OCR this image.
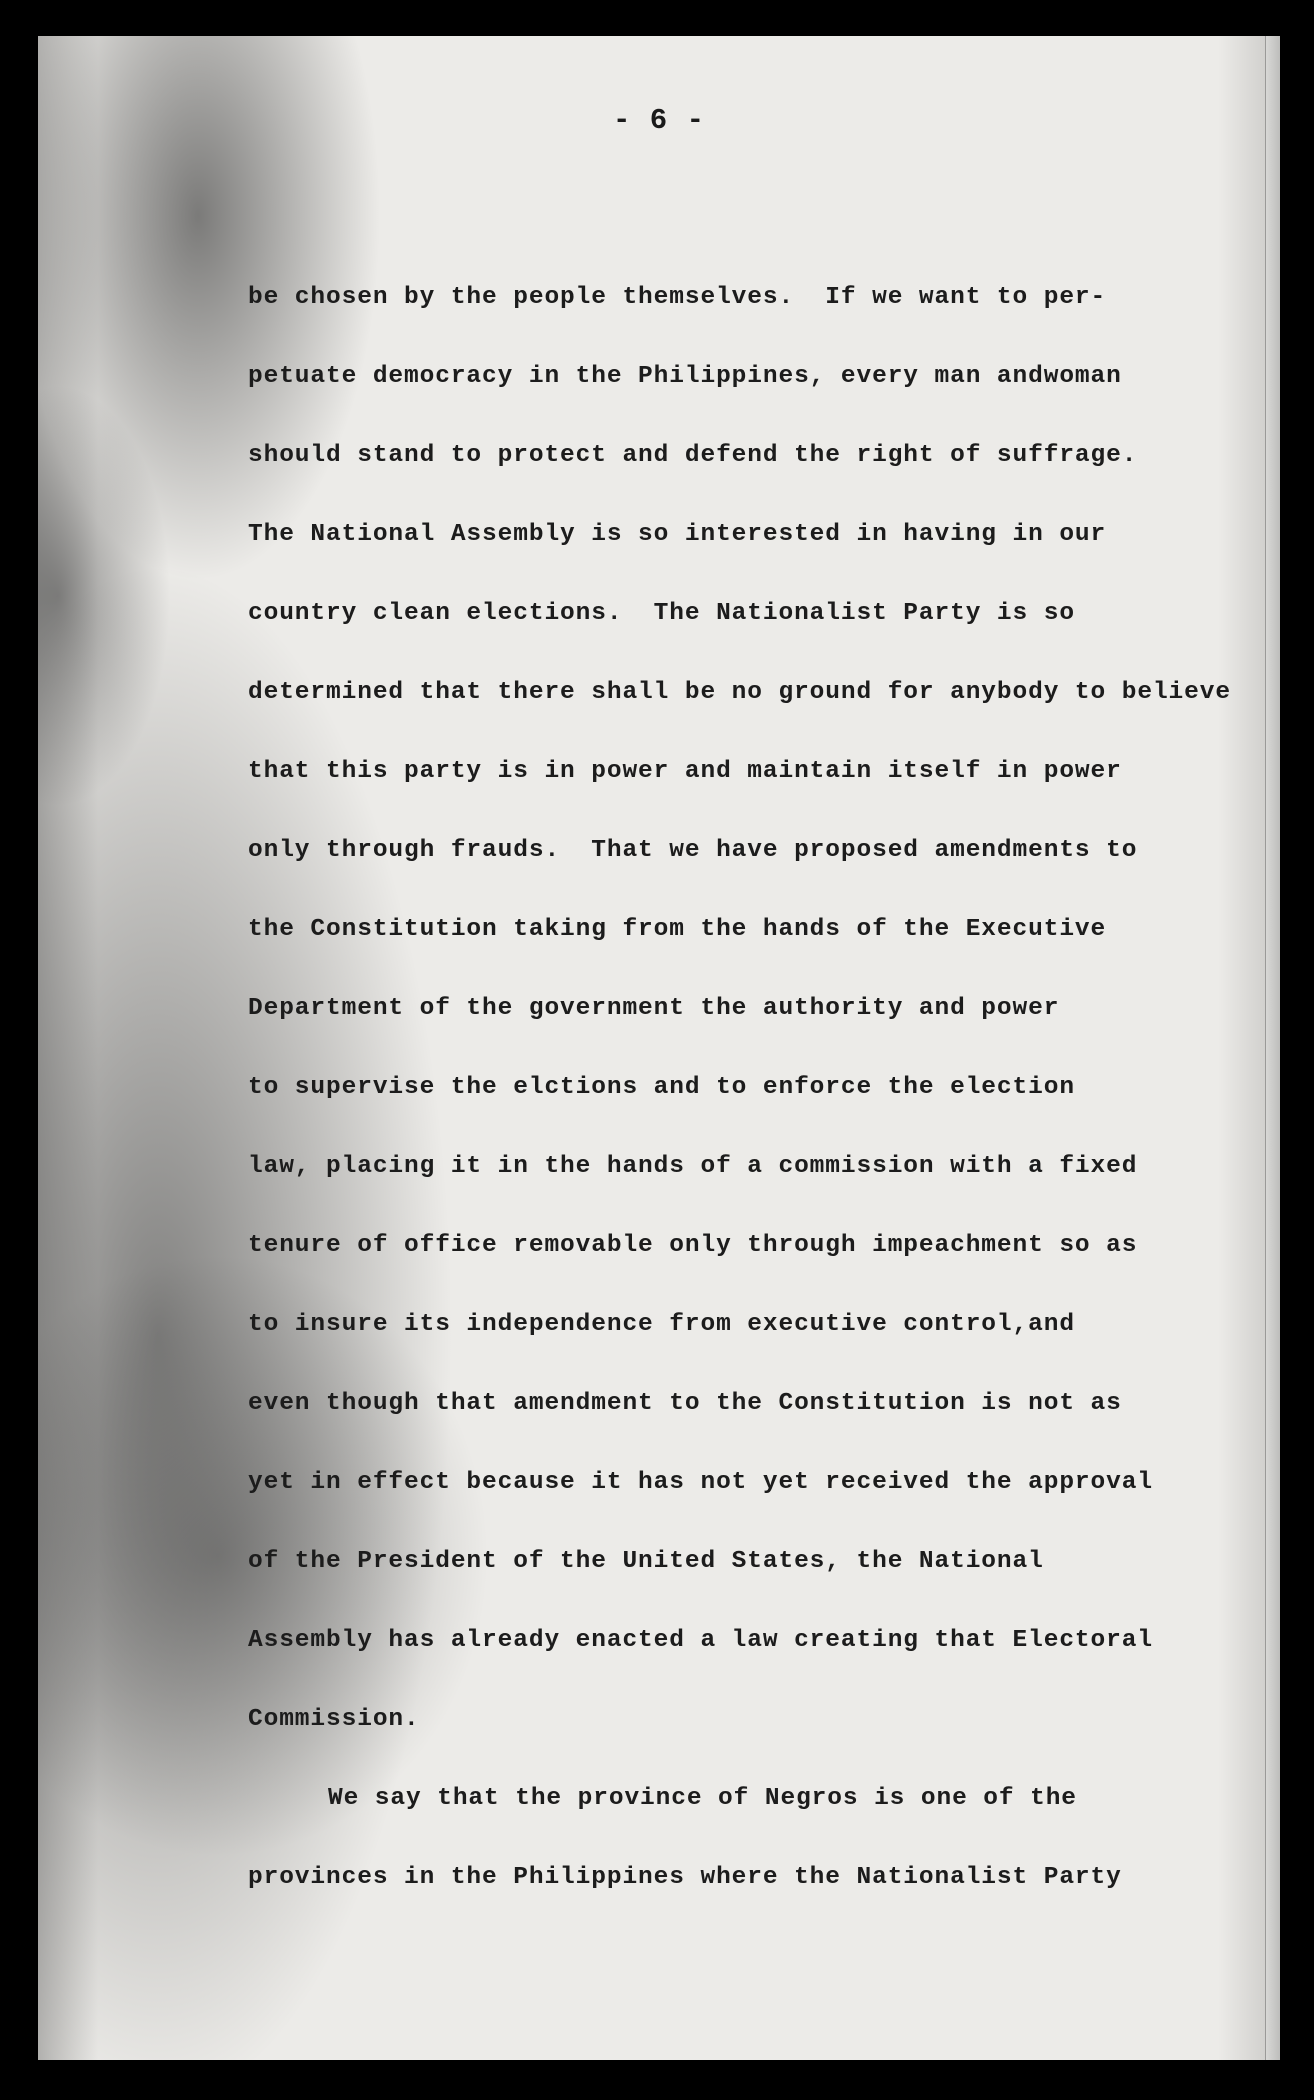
- 6 -
be chosen by the people themselves.  If we want to per-
petuate democracy in the Philippines, every man andwoman
should stand to protect and defend the right of suffrage.
The National Assembly is so interested in having in our
country clean elections.  The Nationalist Party is so
determined that there shall be no ground for anybody to believe
that this party is in power and maintain itself in power
only through frauds.  That we have proposed amendments to
the Constitution taking from the hands of the Executive
Department of the government the authority and power
to supervise the elctions and to enforce the election
law, placing it in the hands of a commission with a fixed
tenure of office removable only through impeachment so as
to insure its independence from executive control,and
even though that amendment to the Constitution is not as
yet in effect because it has not yet received the approval
of the President of the United States, the National
Assembly has already enacted a law creating that Electoral
Commission.
We say that the province of Negros is one of the
provinces in the Philippines where the Nationalist Party
